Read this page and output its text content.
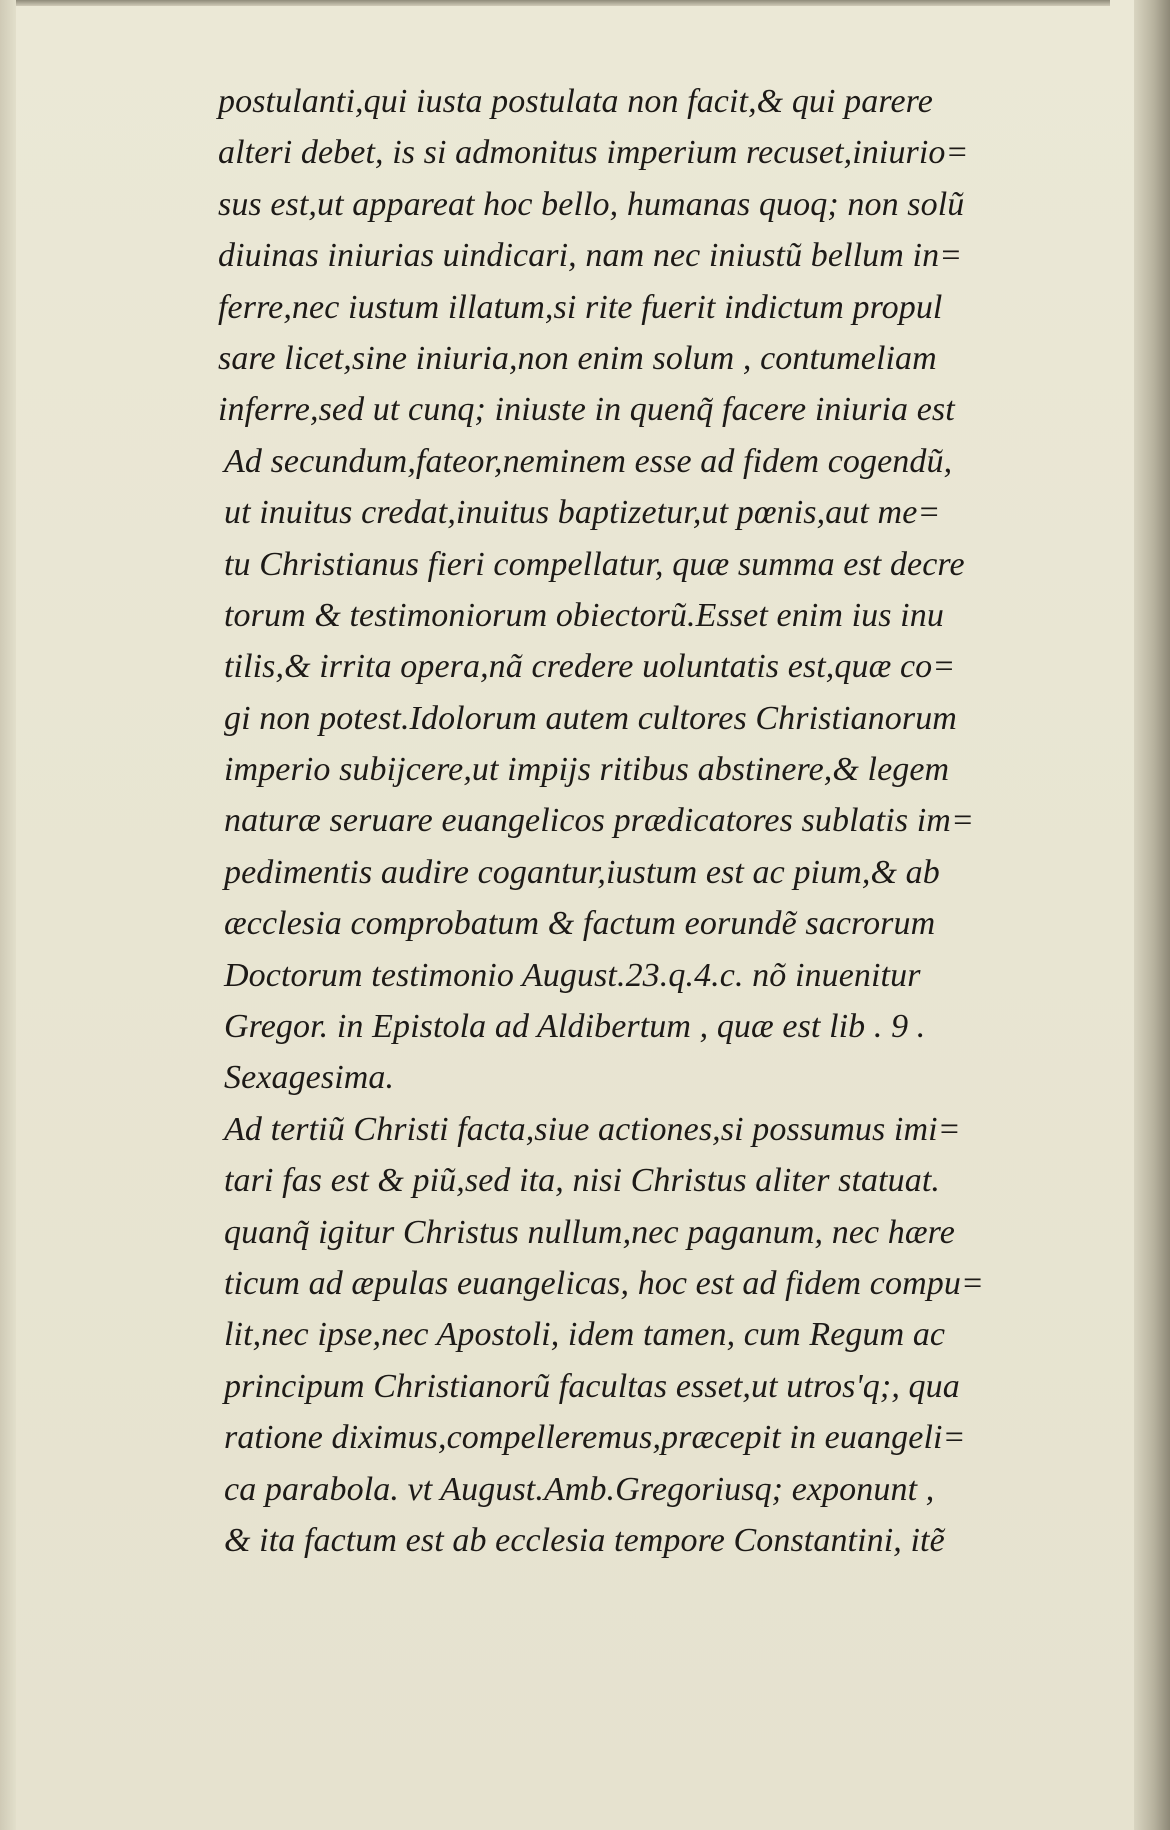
postulanti,qui iusta postulata non facit,& qui parere
alteri debet, is si admonitus imperium recuset,iniurio=
sus est,ut appareat hoc bello, humanas quoq; non solũ
diuinas iniurias uindicari, nam nec iniustũ bellum in=
ferre,nec iustum illatum,si rite fuerit indictum propul
sare licet,sine iniuria,non enim solum , contumeliam
inferre,sed ut cunq; iniuste in quenq̃ facere iniuria est
Ad secundum,fateor,neminem esse ad fidem cogendũ,
ut inuitus credat,inuitus baptizetur,ut pœnis,aut me=
tu Christianus fieri compellatur, quæ summa est decre
torum & testimoniorum obiectorũ.Esset enim ius inu
tilis,& irrita opera,nã credere uoluntatis est,quæ co=
gi non potest.Idolorum autem cultores Christianorum
imperio subijcere,ut impijs ritibus abstinere,& legem
naturæ seruare euangelicos prædicatores sublatis im=
pedimentis audire cogantur,iustum est ac pium,& ab
æcclesia comprobatum & factum eorundẽ sacrorum
Doctorum testimonio August.23.q.4.c. nõ inuenitur
Gregor. in Epistola ad Aldibertum , quæ est lib . 9 .
Sexagesima.
Ad tertiũ Christi facta,siue actiones,si possumus imi=
tari fas est & piũ,sed ita, nisi Christus aliter statuat.
quanq̃ igitur Christus nullum,nec paganum, nec hære
ticum ad æpulas euangelicas, hoc est ad fidem compu=
lit,nec ipse,nec Apostoli, idem tamen, cum Regum ac
principum Christianorũ facultas esset,ut utros'q;, qua
ratione diximus,compelleremus,præcepit in euangeli=
ca parabola. vt August.Amb.Gregoriusq; exponunt ,
& ita factum est ab ecclesia tempore Constantini, itẽ
